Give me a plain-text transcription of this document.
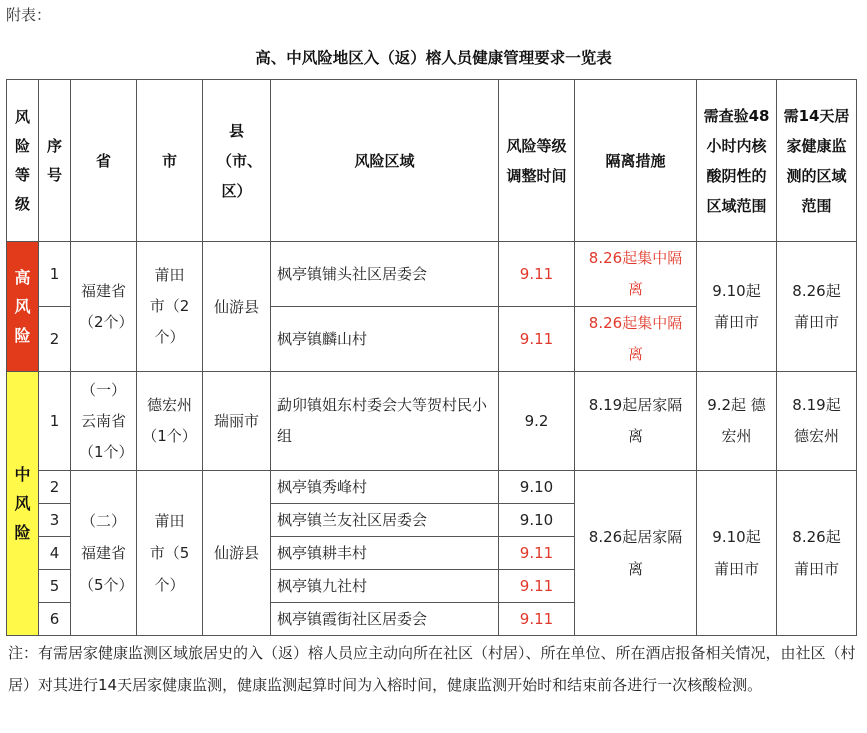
附表：
高、中风险地区入（返）榕人员健康管理要求一览表
风险等级	序号	省	市	县（市、区）	风险区域	风险等级调整时间	隔离措施	需查验48小时内核酸阴性的区域范围	需14天居家健康监测的区域范围
高风险	1	福建省（2个）	莆田市（2个）	仙游县	枫亭镇铺头社区居委会	9.11	8.26起集中隔离	9.10起莆田市	8.26起莆田市
	2				枫亭镇麟山村	9.11	8.26起集中隔离		
中风险	1	（一）云南省（1个）	德宏州（1个）	瑞丽市	勐卯镇姐东村委会大等贺村民小组	9.2	8.19起居家隔离	9.2起 德宏州	8.19起德宏州
	2	（二）福建省（5个）	莆田市（5个）	仙游县	枫亭镇秀峰村	9.10	8.26起居家隔离	9.10起莆田市	8.26起莆田市
	3				枫亭镇兰友社区居委会	9.10			
	4				枫亭镇耕丰村	9.11			
	5				枫亭镇九社村	9.11			
	6				枫亭镇霞街社区居委会	9.11			
注：有需居家健康监测区域旅居史的入（返）榕人员应主动向所在社区（村居）、所在单位、所在酒店报备相关情况，由社区（村居）对其进行14天居家健康监测，健康监测起算时间为入榕时间，健康监测开始时和结束前各进行一次核酸检测。
